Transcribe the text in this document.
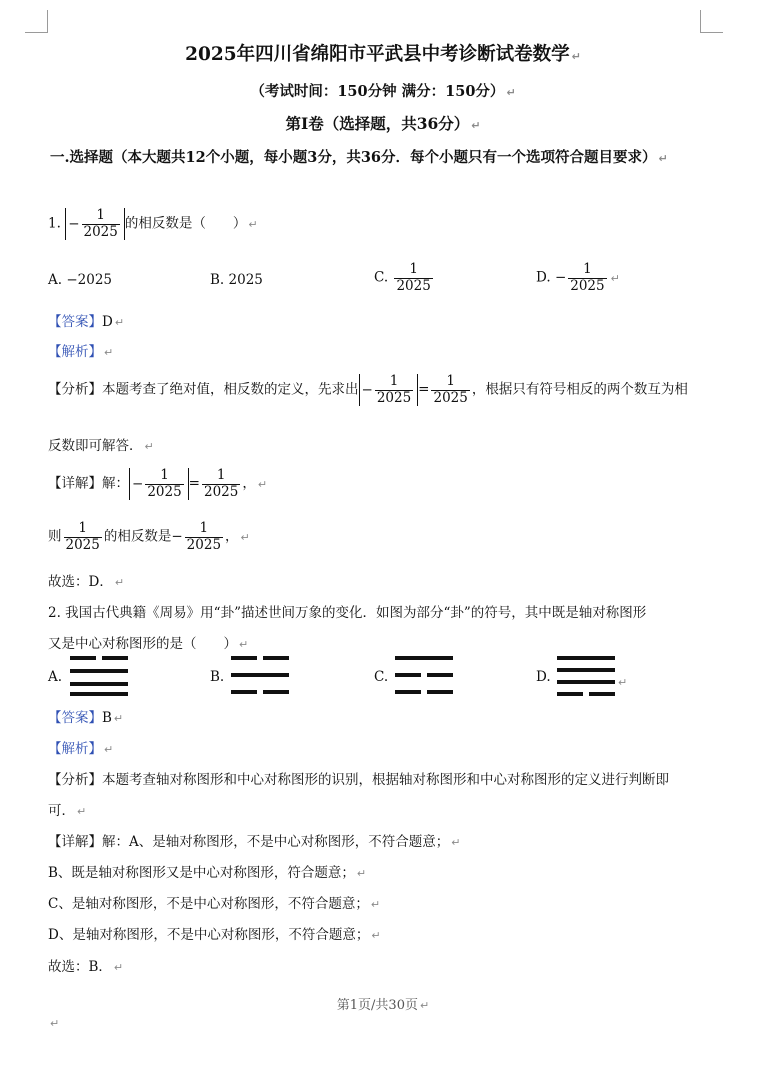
2025年四川省绵阳市平武县中考诊断试卷数学 ↵
（考试时间：150分钟 满分：150分） ↵
第Ⅰ卷（选择题，共36分） ↵
一.选择题（本大题共12个小题，每小题3分，共36分．每个小题只有一个选项符合题目要求） ↵
1. − $\frac{1}{2025}$ 的相反数是（　　） ↵
A. −2025	B. 2025	C. $\frac{1}{2025}$	D. − $\frac{1}{2025}$ ↵
【答案】D ↵
【解析】 ↵
【分析】本题考查了绝对值，相反数的定义，先求出 − $\frac{1}{2025} = \frac{1}{2025}$ ，根据只有符号相反的两个数互为相
反数即可解答． ↵
【详解】解： − $\frac{1}{2025} = \frac{1}{2025}$ ， ↵
则 $\frac{1}{2025}$ 的相反数是− $\frac{1}{2025}$ ， ↵
故选：D． ↵
2. 我国古代典籍《周易》用“卦”描述世间万象的变化．如图为部分“卦”的符号，其中既是轴对称图形
又是中心对称图形的是（　　） ↵
A.	B.	C.	D.	↵
【答案】B ↵
【解析】 ↵
【分析】本题考查轴对称图形和中心对称图形的识别，根据轴对称图形和中心对称图形的定义进行判断即
可． ↵
【详解】解：A、是轴对称图形，不是中心对称图形，不符合题意； ↵
B、既是轴对称图形又是中心对称图形，符合题意； ↵
C、是轴对称图形，不是中心对称图形，不符合题意； ↵
D、是轴对称图形，不是中心对称图形，不符合题意； ↵
故选：B． ↵
第1页/共30页 ↵
↵
